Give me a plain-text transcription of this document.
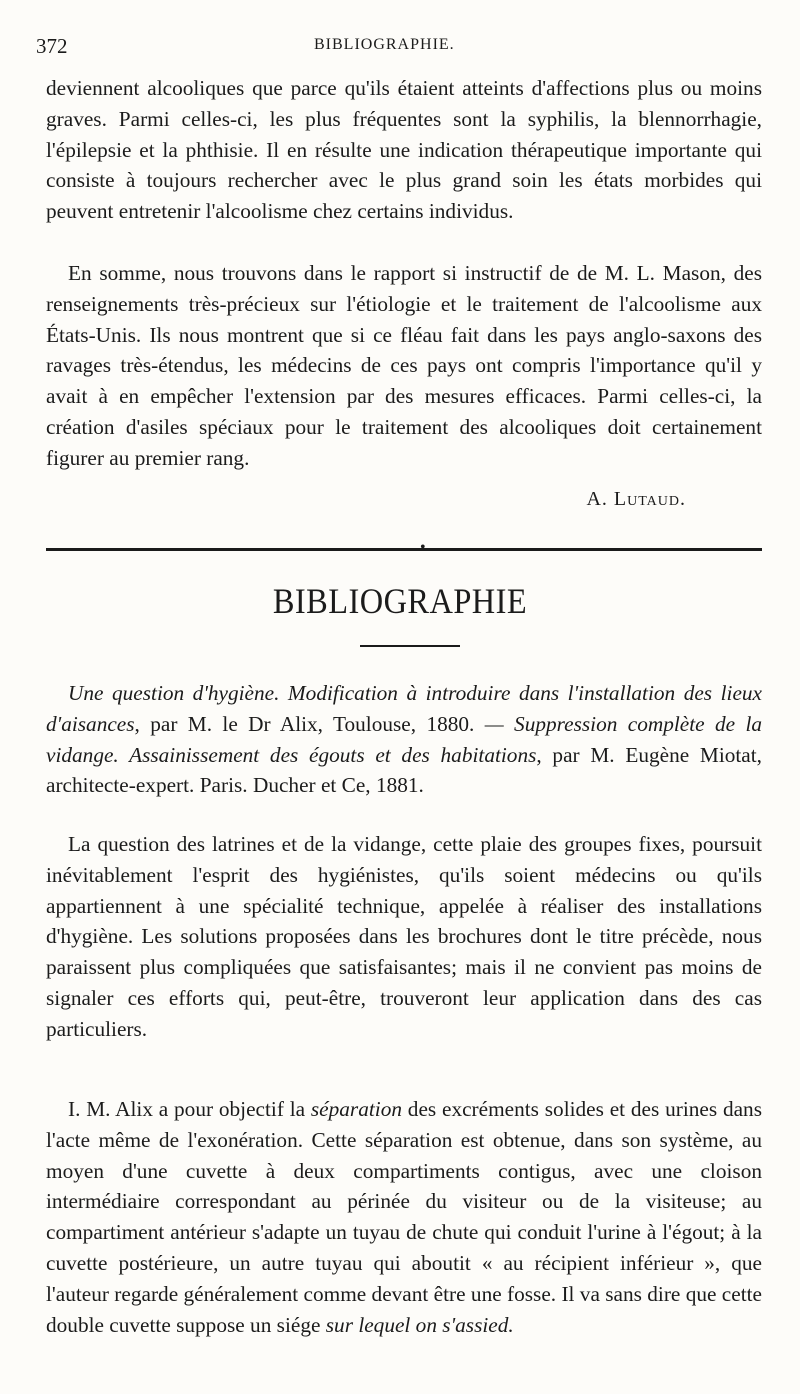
372	BIBLIOGRAPHIE.

deviennent alcooliques que parce qu'ils étaient atteints d'affections plus ou moins graves. Parmi celles-ci, les plus fréquentes sont la syphilis, la blennorrhagie, l'épilepsie et la phthisie. Il en résulte une indication thérapeutique importante qui consiste à toujours rechercher avec le plus grand soin les états morbides qui peuvent entretenir l'alcoolisme chez certains individus.

En somme, nous trouvons dans le rapport si instructif de de M. L. Mason, des renseignements très-précieux sur l'étiologie et le traitement de l'alcoolisme aux États-Unis. Ils nous montrent que si ce fléau fait dans les pays anglo-saxons des ravages très-étendus, les médecins de ces pays ont compris l'importance qu'il y avait à en empêcher l'extension par des mesures efficaces. Parmi celles-ci, la création d'asiles spéciaux pour le traitement des alcooliques doit certainement figurer au premier rang.

A. Lutaud.
•
BIBLIOGRAPHIE

Une question d'hygiène. Modification à introduire dans l'installation des lieux d'aisances, par M. le Dr Alix, Toulouse, 1880. — Suppression complète de la vidange. Assainissement des égouts et des habitations, par M. Eugène Miotat, architecte-expert. Paris. Ducher et Ce, 1881.

La question des latrines et de la vidange, cette plaie des groupes fixes, poursuit inévitablement l'esprit des hygiénistes, qu'ils soient médecins ou qu'ils appartiennent à une spécialité technique, appelée à réaliser des installations d'hygiène. Les solutions proposées dans les brochures dont le titre précède, nous paraissent plus compliquées que satisfaisantes; mais il ne convient pas moins de signaler ces efforts qui, peut-être, trouveront leur application dans des cas particuliers.

I. M. Alix a pour objectif la séparation des excréments solides et des urines dans l'acte même de l'exonération. Cette séparation est obtenue, dans son système, au moyen d'une cuvette à deux compartiments contigus, avec une cloison intermédiaire correspondant au périnée du visiteur ou de la visiteuse; au compartiment antérieur s'adapte un tuyau de chute qui conduit l'urine à l'égout; à la cuvette postérieure, un autre tuyau qui aboutit « au récipient inférieur », que l'auteur regarde généralement comme devant être une fosse. Il va sans dire que cette double cuvette suppose un siége sur lequel on s'assied.
